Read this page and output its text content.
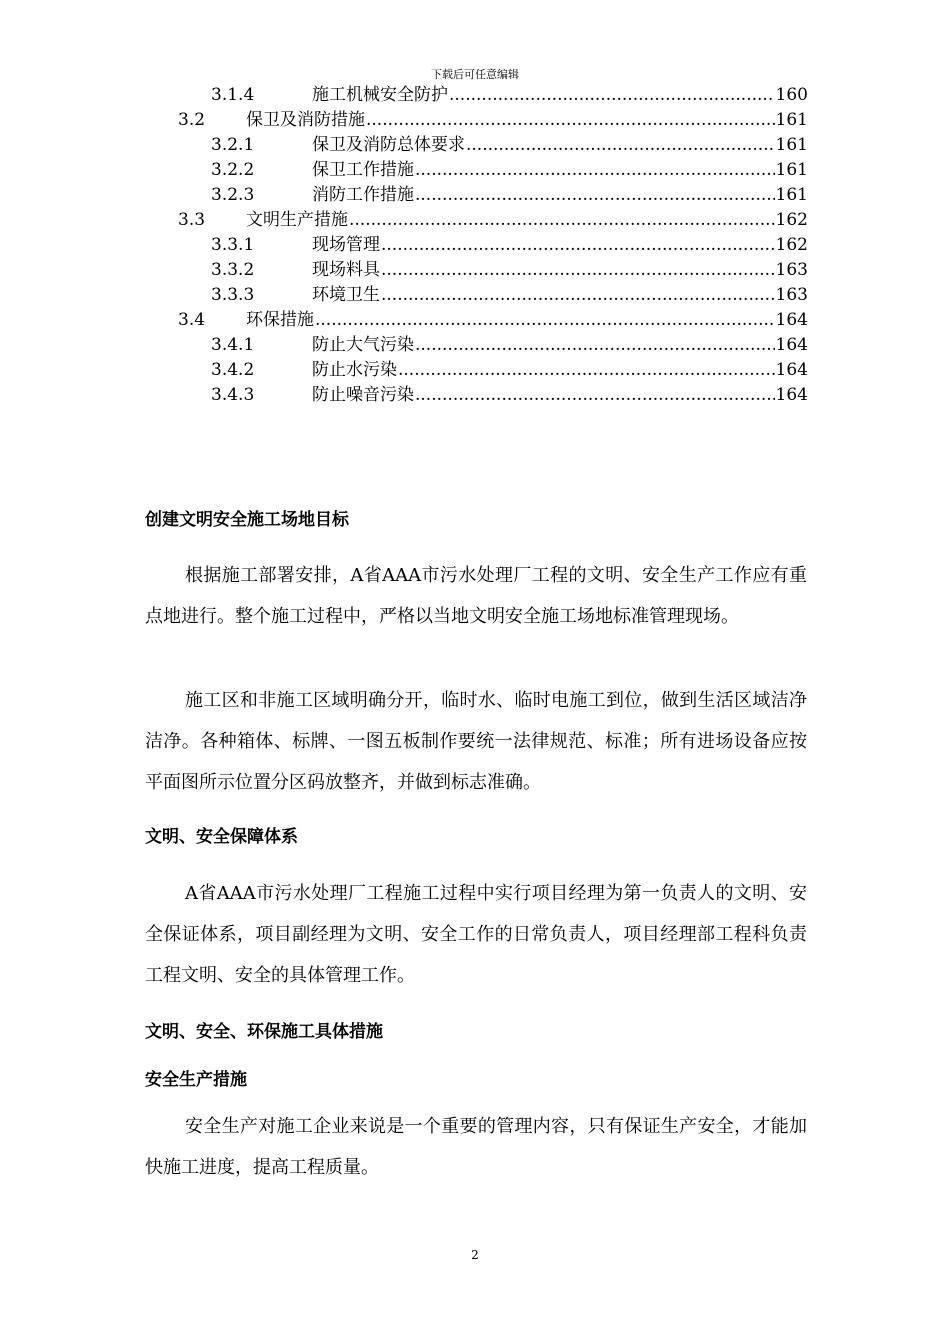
下载后可任意编辑
3.1.4	施工机械安全防护 .....	160
3.2	保卫及消防措施 .....	161
3.2.1	保卫及消防总体要求 .....	161
3.2.2	保卫工作措施 .....	161
3.2.3	消防工作措施 .....	161
3.3	文明生产措施 .....	162
3.3.1	现场管理 .....	162
3.3.2	现场料具 .....	163
3.3.3	环境卫生 .....	163
3.4	环保措施 .....	164
3.4.1	防止大气污染 .....	164
3.4.2	防止水污染 .....	164
3.4.3	防止噪音污染 .....	164
创建文明安全施工场地目标
根据施工部署安排，A省AAA市污水处理厂工程的文明、安全生产工作应有重点地进行。整个施工过程中，严格以当地文明安全施工场地标准管理现场。
施工区和非施工区域明确分开，临时水、临时电施工到位，做到生活区域洁净洁净。各种箱体、标牌、一图五板制作要统一法律规范、标准；所有进场设备应按平面图所示位置分区码放整齐，并做到标志准确。
文明、安全保障体系
A省AAA市污水处理厂工程施工过程中实行项目经理为第一负责人的文明、安全保证体系，项目副经理为文明、安全工作的日常负责人，项目经理部工程科负责工程文明、安全的具体管理工作。
文明、安全、环保施工具体措施
安全生产措施
安全生产对施工企业来说是一个重要的管理内容，只有保证生产安全，才能加快施工进度，提高工程质量。
2
